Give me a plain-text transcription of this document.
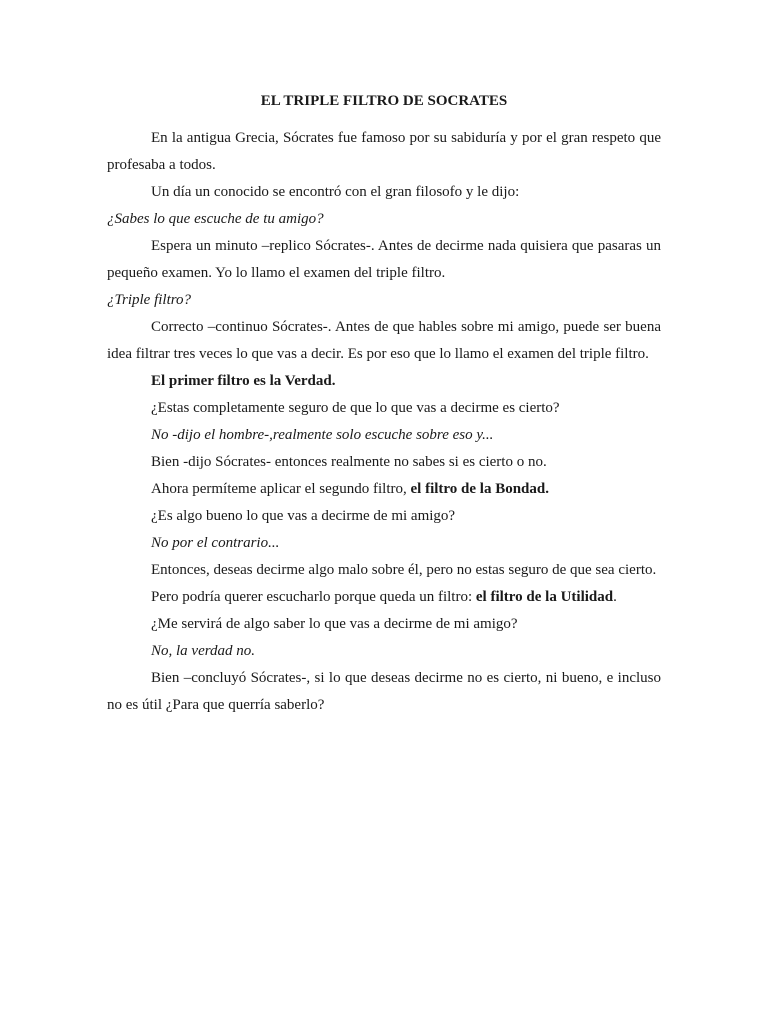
EL TRIPLE FILTRO DE SOCRATES
En la antigua Grecia, Sócrates fue famoso por su sabiduría y por el gran respeto que profesaba a todos.
Un día un conocido se encontró con el gran filosofo y le dijo:
¿Sabes lo que escuche de tu amigo?
Espera un minuto –replico Sócrates-. Antes de decirme nada quisiera que pasaras un pequeño examen. Yo lo llamo el examen del triple filtro.
¿Triple filtro?
Correcto –continuo Sócrates-. Antes de que hables sobre mi amigo, puede ser buena idea filtrar tres veces lo que vas a decir. Es por eso que lo llamo el examen del triple filtro.
El primer filtro es la Verdad.
¿Estas completamente seguro de que lo que vas a decirme es cierto?
No -dijo el hombre-,realmente solo escuche sobre eso y...
Bien -dijo Sócrates- entonces realmente no sabes si es cierto o no.
Ahora permíteme aplicar el segundo filtro, el filtro de la Bondad.
¿Es algo bueno lo que vas a decirme de mi amigo?
No por el contrario...
Entonces, deseas decirme algo malo sobre él, pero no estas seguro de que sea cierto.
Pero podría querer escucharlo porque queda un filtro: el filtro de la Utilidad.
¿Me servirá de algo saber lo que vas a decirme de mi amigo?
No, la verdad no.
Bien –concluyó Sócrates-, si lo que deseas decirme no es cierto, ni bueno, e incluso no es útil ¿Para que querría saberlo?
